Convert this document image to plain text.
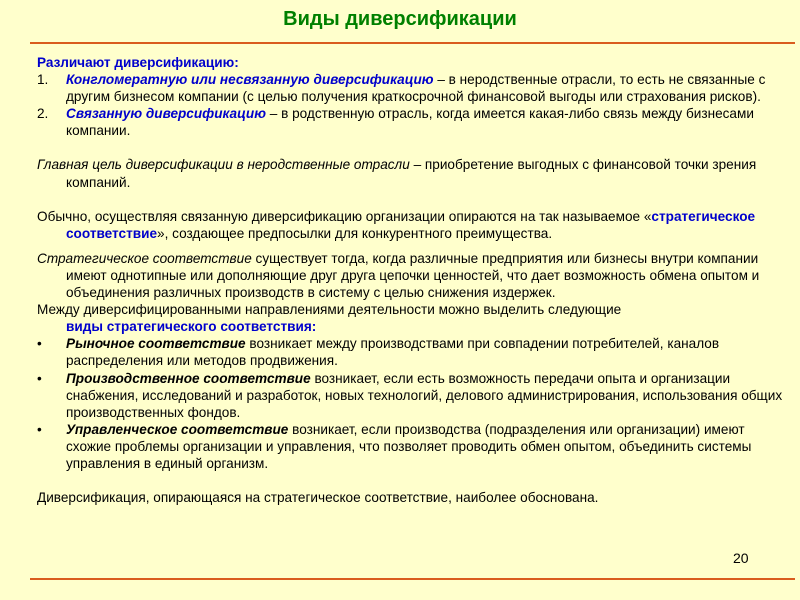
Виды диверсификации

Различают диверсификацию:

1. Конгломератную или несвязанную диверсификацию – в неродственные отрасли, то есть не связанные с другим бизнесом компании (с целью получения краткосрочной финансовой выгоды или страхования рисков).

2. Связанную диверсификацию – в родственную отрасль, когда имеется какая-либо связь между бизнесами компании.

Главная цель диверсификации в неродственные отрасли – приобретение выгодных с финансовой точки зрения компаний.

Обычно, осуществляя связанную диверсификацию организации опираются на так называемое «стратегическое соответствие», создающее предпосылки для конкурентного преимущества.

Стратегическое соответствие существует тогда, когда различные предприятия или бизнесы внутри компании имеют однотипные или дополняющие друг друга цепочки ценностей, что дает возможность обмена опытом и объединения различных производств в систему с целью снижения издержек.

Между диверсифицированными направлениями деятельности можно выделить следующие
виды стратегического соответствия:

• Рыночное соответствие возникает между производствами при совпадении потребителей, каналов распределения или методов продвижения.

• Производственное соответствие возникает, если есть возможность передачи опыта и организации снабжения, исследований и разработок, новых технологий, делового администрирования, использования общих производственных фондов.

• Управленческое соответствие возникает, если производства (подразделения или организации) имеют схожие проблемы организации и управления, что позволяет проводить обмен опытом, объединить системы управления в единый организм.

Диверсификация, опирающаяся на стратегическое соответствие, наиболее обоснована.

20
